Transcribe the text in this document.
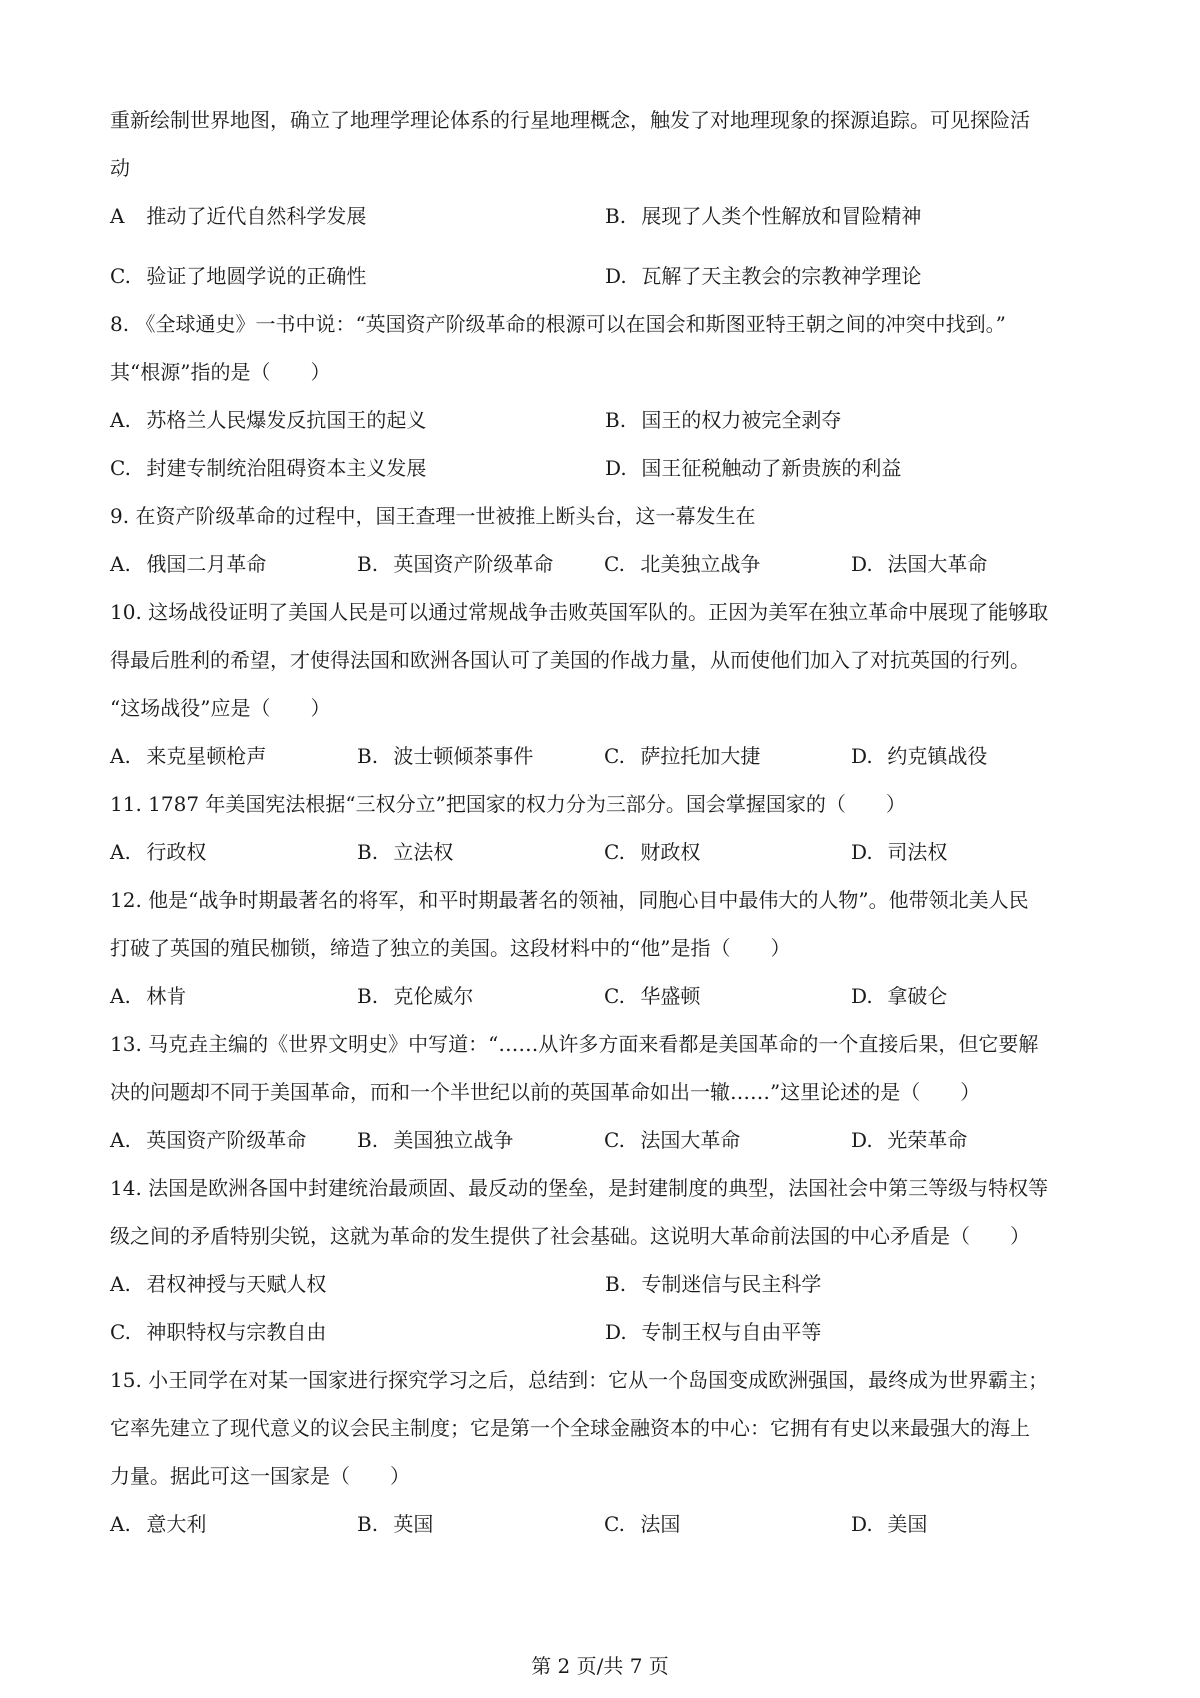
重新绘制世界地图，确立了地理学理论体系的行星地理概念，触发了对地理现象的探源追踪。可见探险活

动

A 推动了近代自然科学发展	B. 展现了人类个性解放和冒险精神
C. 验证了地圆学说的正确性	D. 瓦解了天主教会的宗教神学理论

8. 《全球通史》一书中说：“英国资产阶级革命的根源可以在国会和斯图亚特王朝之间的冲突中找到。”

其“根源”指的是（　　）

A. 苏格兰人民爆发反抗国王的起义	B. 国王的权力被完全剥夺
C. 封建专制统治阻碍资本主义发展	D. 国王征税触动了新贵族的利益

9. 在资产阶级革命的过程中，国王查理一世被推上断头台，这一幕发生在

A. 俄国二月革命	B. 英国资产阶级革命	C. 北美独立战争	D. 法国大革命

10. 这场战役证明了美国人民是可以通过常规战争击败英国军队的。正因为美军在独立革命中展现了能够取

得最后胜利的希望，才使得法国和欧洲各国认可了美国的作战力量，从而使他们加入了对抗英国的行列。

“这场战役”应是（　　）

A. 来克星顿枪声	B. 波士顿倾茶事件	C. 萨拉托加大捷	D. 约克镇战役

11. 1787 年美国宪法根据“三权分立”把国家的权力分为三部分。国会掌握国家的（　　）

A. 行政权	B. 立法权	C. 财政权	D. 司法权

12. 他是“战争时期最著名的将军，和平时期最著名的领袖，同胞心目中最伟大的人物”。他带领北美人民

打破了英国的殖民枷锁，缔造了独立的美国。这段材料中的“他”是指（　　）

A. 林肯	B. 克伦威尔	C. 华盛顿	D. 拿破仑

13. 马克垚主编的《世界文明史》中写道：“……从许多方面来看都是美国革命的一个直接后果，但它要解

决的问题却不同于美国革命，而和一个半世纪以前的英国革命如出一辙……”这里论述的是（　　）

A. 英国资产阶级革命	B. 美国独立战争	C. 法国大革命	D. 光荣革命

14. 法国是欧洲各国中封建统治最顽固、最反动的堡垒，是封建制度的典型，法国社会中第三等级与特权等

级之间的矛盾特别尖锐，这就为革命的发生提供了社会基础。这说明大革命前法国的中心矛盾是（　　）

A. 君权神授与天赋人权	B. 专制迷信与民主科学
C. 神职特权与宗教自由	D. 专制王权与自由平等

15. 小王同学在对某一国家进行探究学习之后，总结到：它从一个岛国变成欧洲强国，最终成为世界霸主；

它率先建立了现代意义的议会民主制度；它是第一个全球金融资本的中心：它拥有有史以来最强大的海上

力量。据此可这一国家是（　　）

A. 意大利	B. 英国	C. 法国	D. 美国
第 2 页/共 7 页
